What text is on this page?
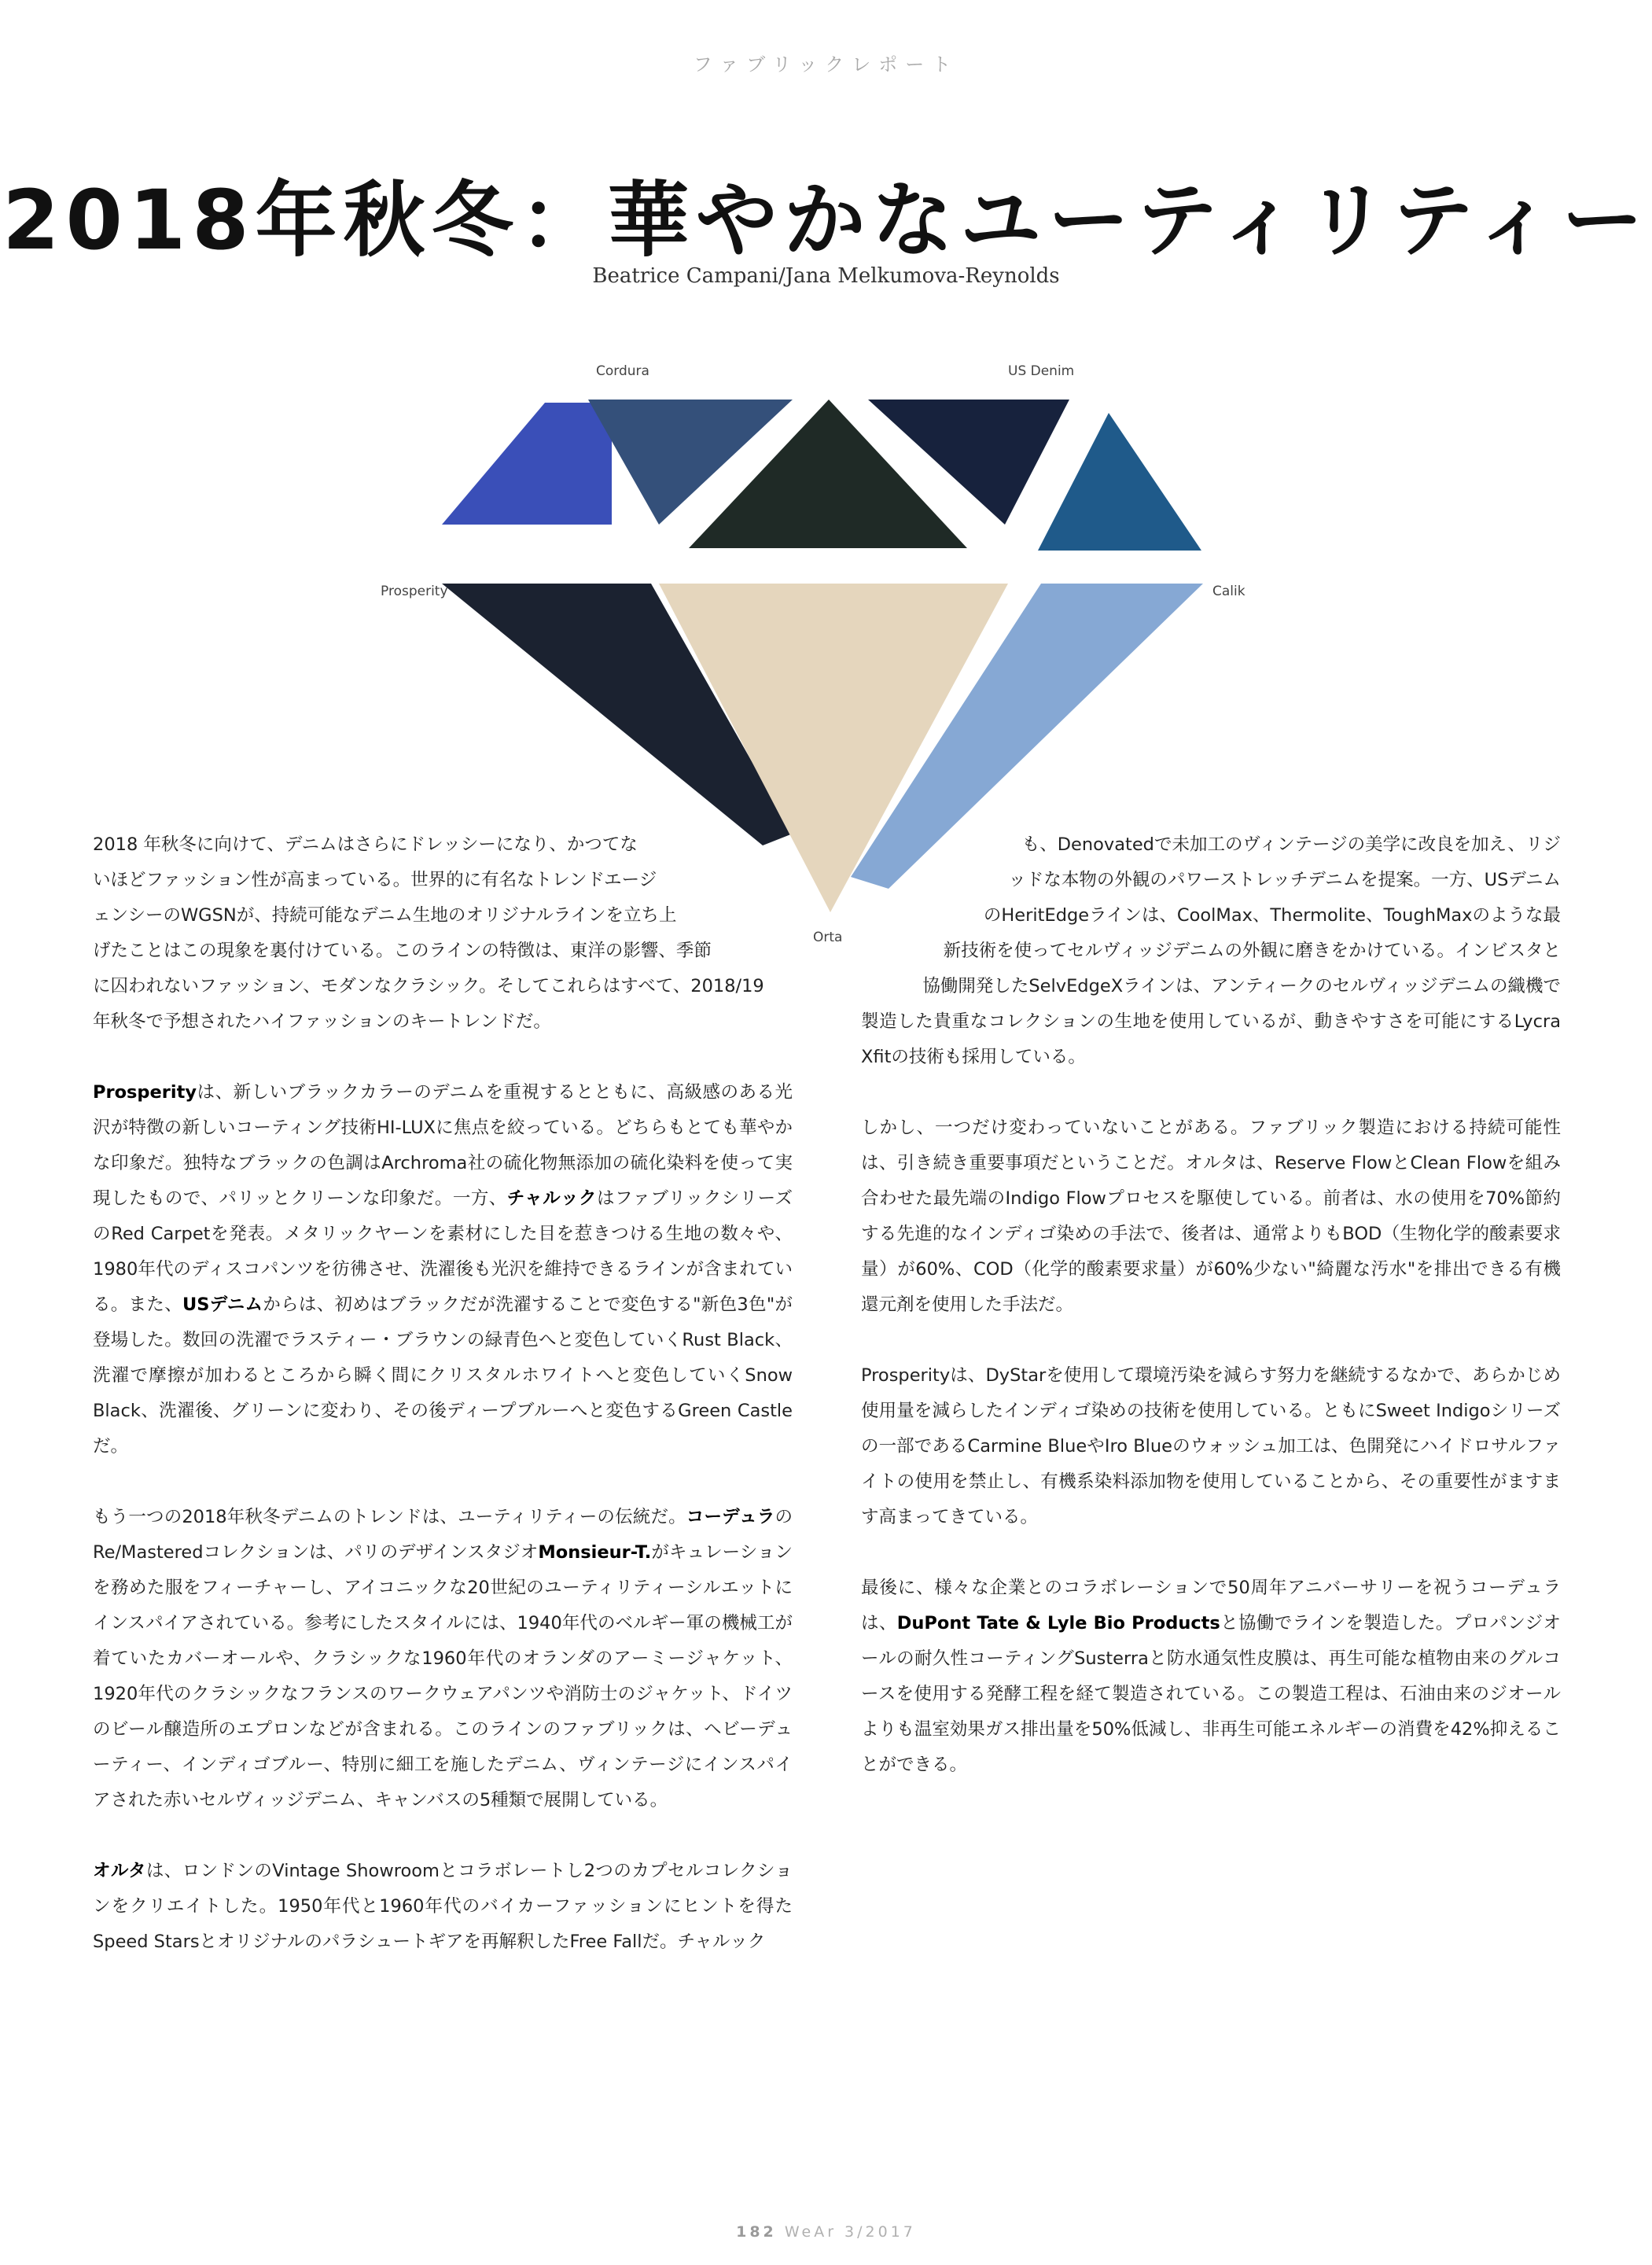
ファブリックレポート
2018年秋冬：華やかなユーティリティー
Beatrice Campani/Jana Melkumova-Reynolds
Cordura	US Denim
Prosperity	Calik
Orta

2018 年秋冬に向けて、デニムはさらにドレッシーになり、かつてな
いほどファッション性が高まっている。世界的に有名なトレンドエージ
ェンシーのWGSNが、持続可能なデニム生地のオリジナルラインを立ち上
げたことはこの現象を裏付けている。このラインの特徴は、東洋の影響、季節
に囚われないファッション、モダンなクラシック。そしてこれらはすべて、2018/19
年秋冬で予想されたハイファッションのキートレンドだ。

Prosperityは、新しいブラックカラーのデニムを重視するとともに、高級感のある光沢が特徴の新しいコーティング技術HI-LUXに焦点を絞っている。どちらもとても華やかな印象だ。独特なブラックの色調はArchroma社の硫化物無添加の硫化染料を使って実現したもので、パリッとクリーンな印象だ。一方、チャルックはファブリックシリーズのRed Carpetを発表。メタリックヤーンを素材にした目を惹きつける生地の数々や、1980年代のディスコパンツを彷彿させ、洗濯後も光沢を維持できるラインが含まれている。また、USデニムからは、初めはブラックだが洗濯することで変色する"新色3色"が登場した。数回の洗濯でラスティー・ブラウンの緑青色へと変色していくRust Black、洗濯で摩擦が加わるところから瞬く間にクリスタルホワイトへと変色していくSnow Black、洗濯後、グリーンに変わり、その後ディープブルーへと変色するGreen Castleだ。

もう一つの2018年秋冬デニムのトレンドは、ユーティリティーの伝統だ。コーデュラのRe/Masteredコレクションは、パリのデザインスタジオMonsieur-T.がキュレーションを務めた服をフィーチャーし、アイコニックな20世紀のユーティリティーシルエットにインスパイアされている。参考にしたスタイルには、1940年代のベルギー軍の機械工が着ていたカバーオールや、クラシックな1960年代のオランダのアーミージャケット、1920年代のクラシックなフランスのワークウェアパンツや消防士のジャケット、ドイツのビール醸造所のエプロンなどが含まれる。このラインのファブリックは、ヘビーデューティー、インディゴブルー、特別に細工を施したデニム、ヴィンテージにインスパイアされた赤いセルヴィッジデニム、キャンバスの5種類で展開している。

オルタは、ロンドンのVintage Showroomとコラボレートし2つのカプセルコレクションをクリエイトした。1950年代と1960年代のバイカーファッションにヒントを得たSpeed Starsとオリジナルのパラシュートギアを再解釈したFree Fallだ。チャルック

も、Denovatedで未加工のヴィンテージの美学に改良を加え、リジ
ッドな本物の外観のパワーストレッチデニムを提案。一方、USデニム
のHeritEdgeラインは、CoolMax、Thermolite、ToughMaxのような最
新技術を使ってセルヴィッジデニムの外観に磨きをかけている。インビスタと
協働開発したSelvEdgeXラインは、アンティークのセルヴィッジデニムの織機で
製造した貴重なコレクションの生地を使用しているが、動きやすさを可能にするLycra Xfitの技術も採用している。

しかし、一つだけ変わっていないことがある。ファブリック製造における持続可能性は、引き続き重要事項だということだ。オルタは、Reserve FlowとClean Flowを組み合わせた最先端のIndigo Flowプロセスを駆使している。前者は、水の使用を70%節約する先進的なインディゴ染めの手法で、後者は、通常よりもBOD（生物化学的酸素要求量）が60%、COD（化学的酸素要求量）が60%少ない"綺麗な汚水"を排出できる有機還元剤を使用した手法だ。

Prosperityは、DyStarを使用して環境汚染を減らす努力を継続するなかで、あらかじめ使用量を減らしたインディゴ染めの技術を使用している。ともにSweet Indigoシリーズの一部であるCarmine BlueやIro Blueのウォッシュ加工は、色開発にハイドロサルファイトの使用を禁止し、有機系染料添加物を使用していることから、その重要性がますます高まってきている。

最後に、様々な企業とのコラボレーションで50周年アニバーサリーを祝うコーデュラは、DuPont Tate & Lyle Bio Productsと協働でラインを製造した。プロパンジオールの耐久性コーティングSusterraと防水通気性皮膜は、再生可能な植物由来のグルコースを使用する発酵工程を経て製造されている。この製造工程は、石油由来のジオールよりも温室効果ガス排出量を50%低減し、非再生可能エネルギーの消費を42%抑えることができる。

182 WeAr 3/2017
